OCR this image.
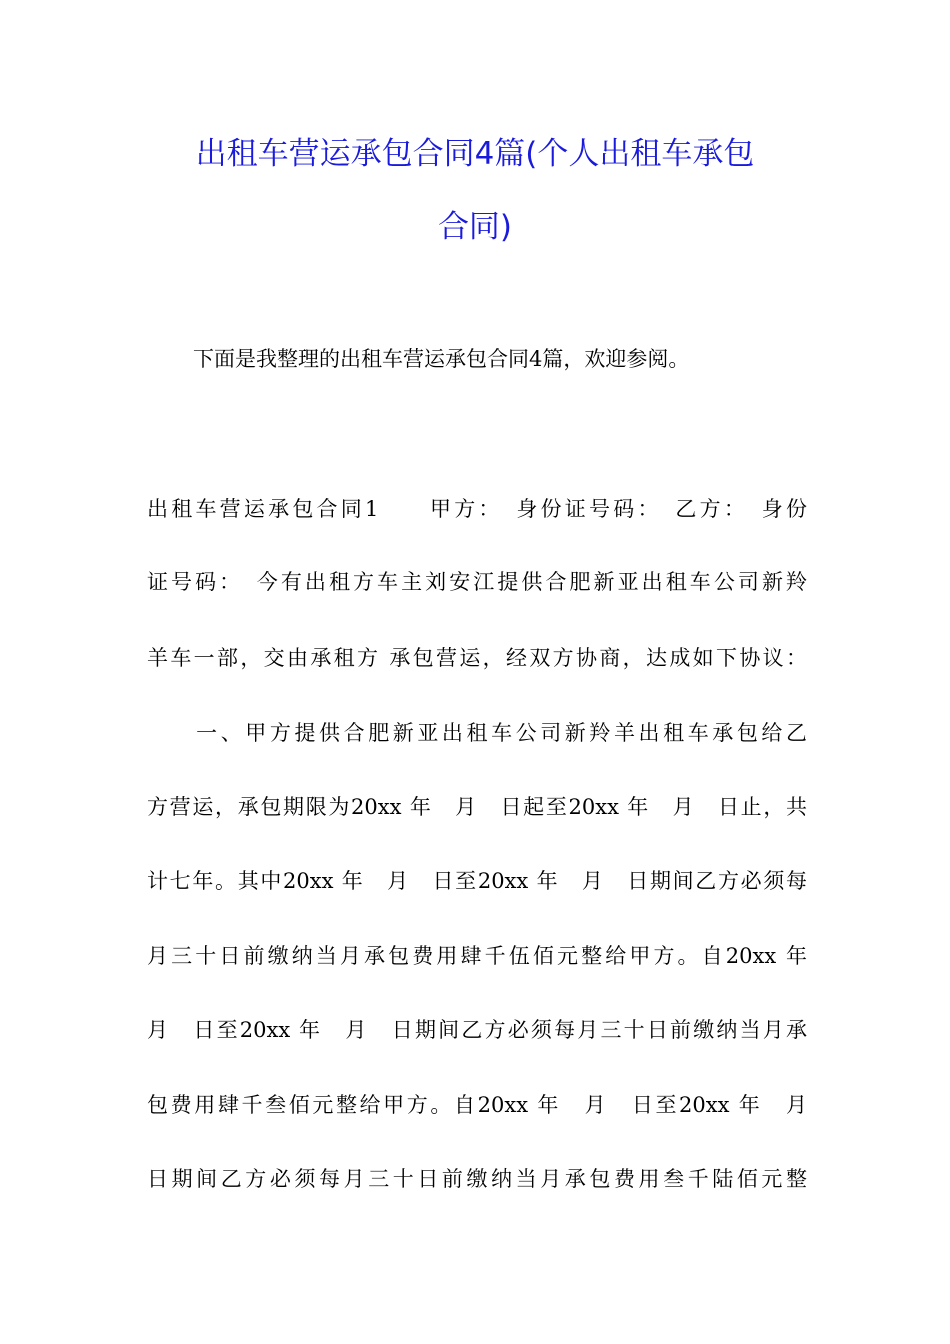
出租车营运承包合同4篇(个人出租车承包
合同)
下面是我整理的出租车营运承包合同4篇，欢迎参阅。
出租车营运承包合同1　　甲方：　身份证号码：　乙方：　身份
证号码：　今有出租方车主刘安江提供合肥新亚出租车公司新羚
羊车一部，交由承租方 承包营运，经双方协商，达成如下协议：
　　一、甲方提供合肥新亚出租车公司新羚羊出租车承包给乙
方营运，承包期限为20xx 年　月　日起至20xx 年　月　日止，共
计七年。其中20xx 年　月　日至20xx 年　月　日期间乙方必须每
月三十日前缴纳当月承包费用肆千伍佰元整给甲方。自20xx 年
月　日至20xx 年　月　日期间乙方必须每月三十日前缴纳当月承
包费用肆千叁佰元整给甲方。自20xx 年　月　日至20xx 年　月
日期间乙方必须每月三十日前缴纳当月承包费用叁千陆佰元整
